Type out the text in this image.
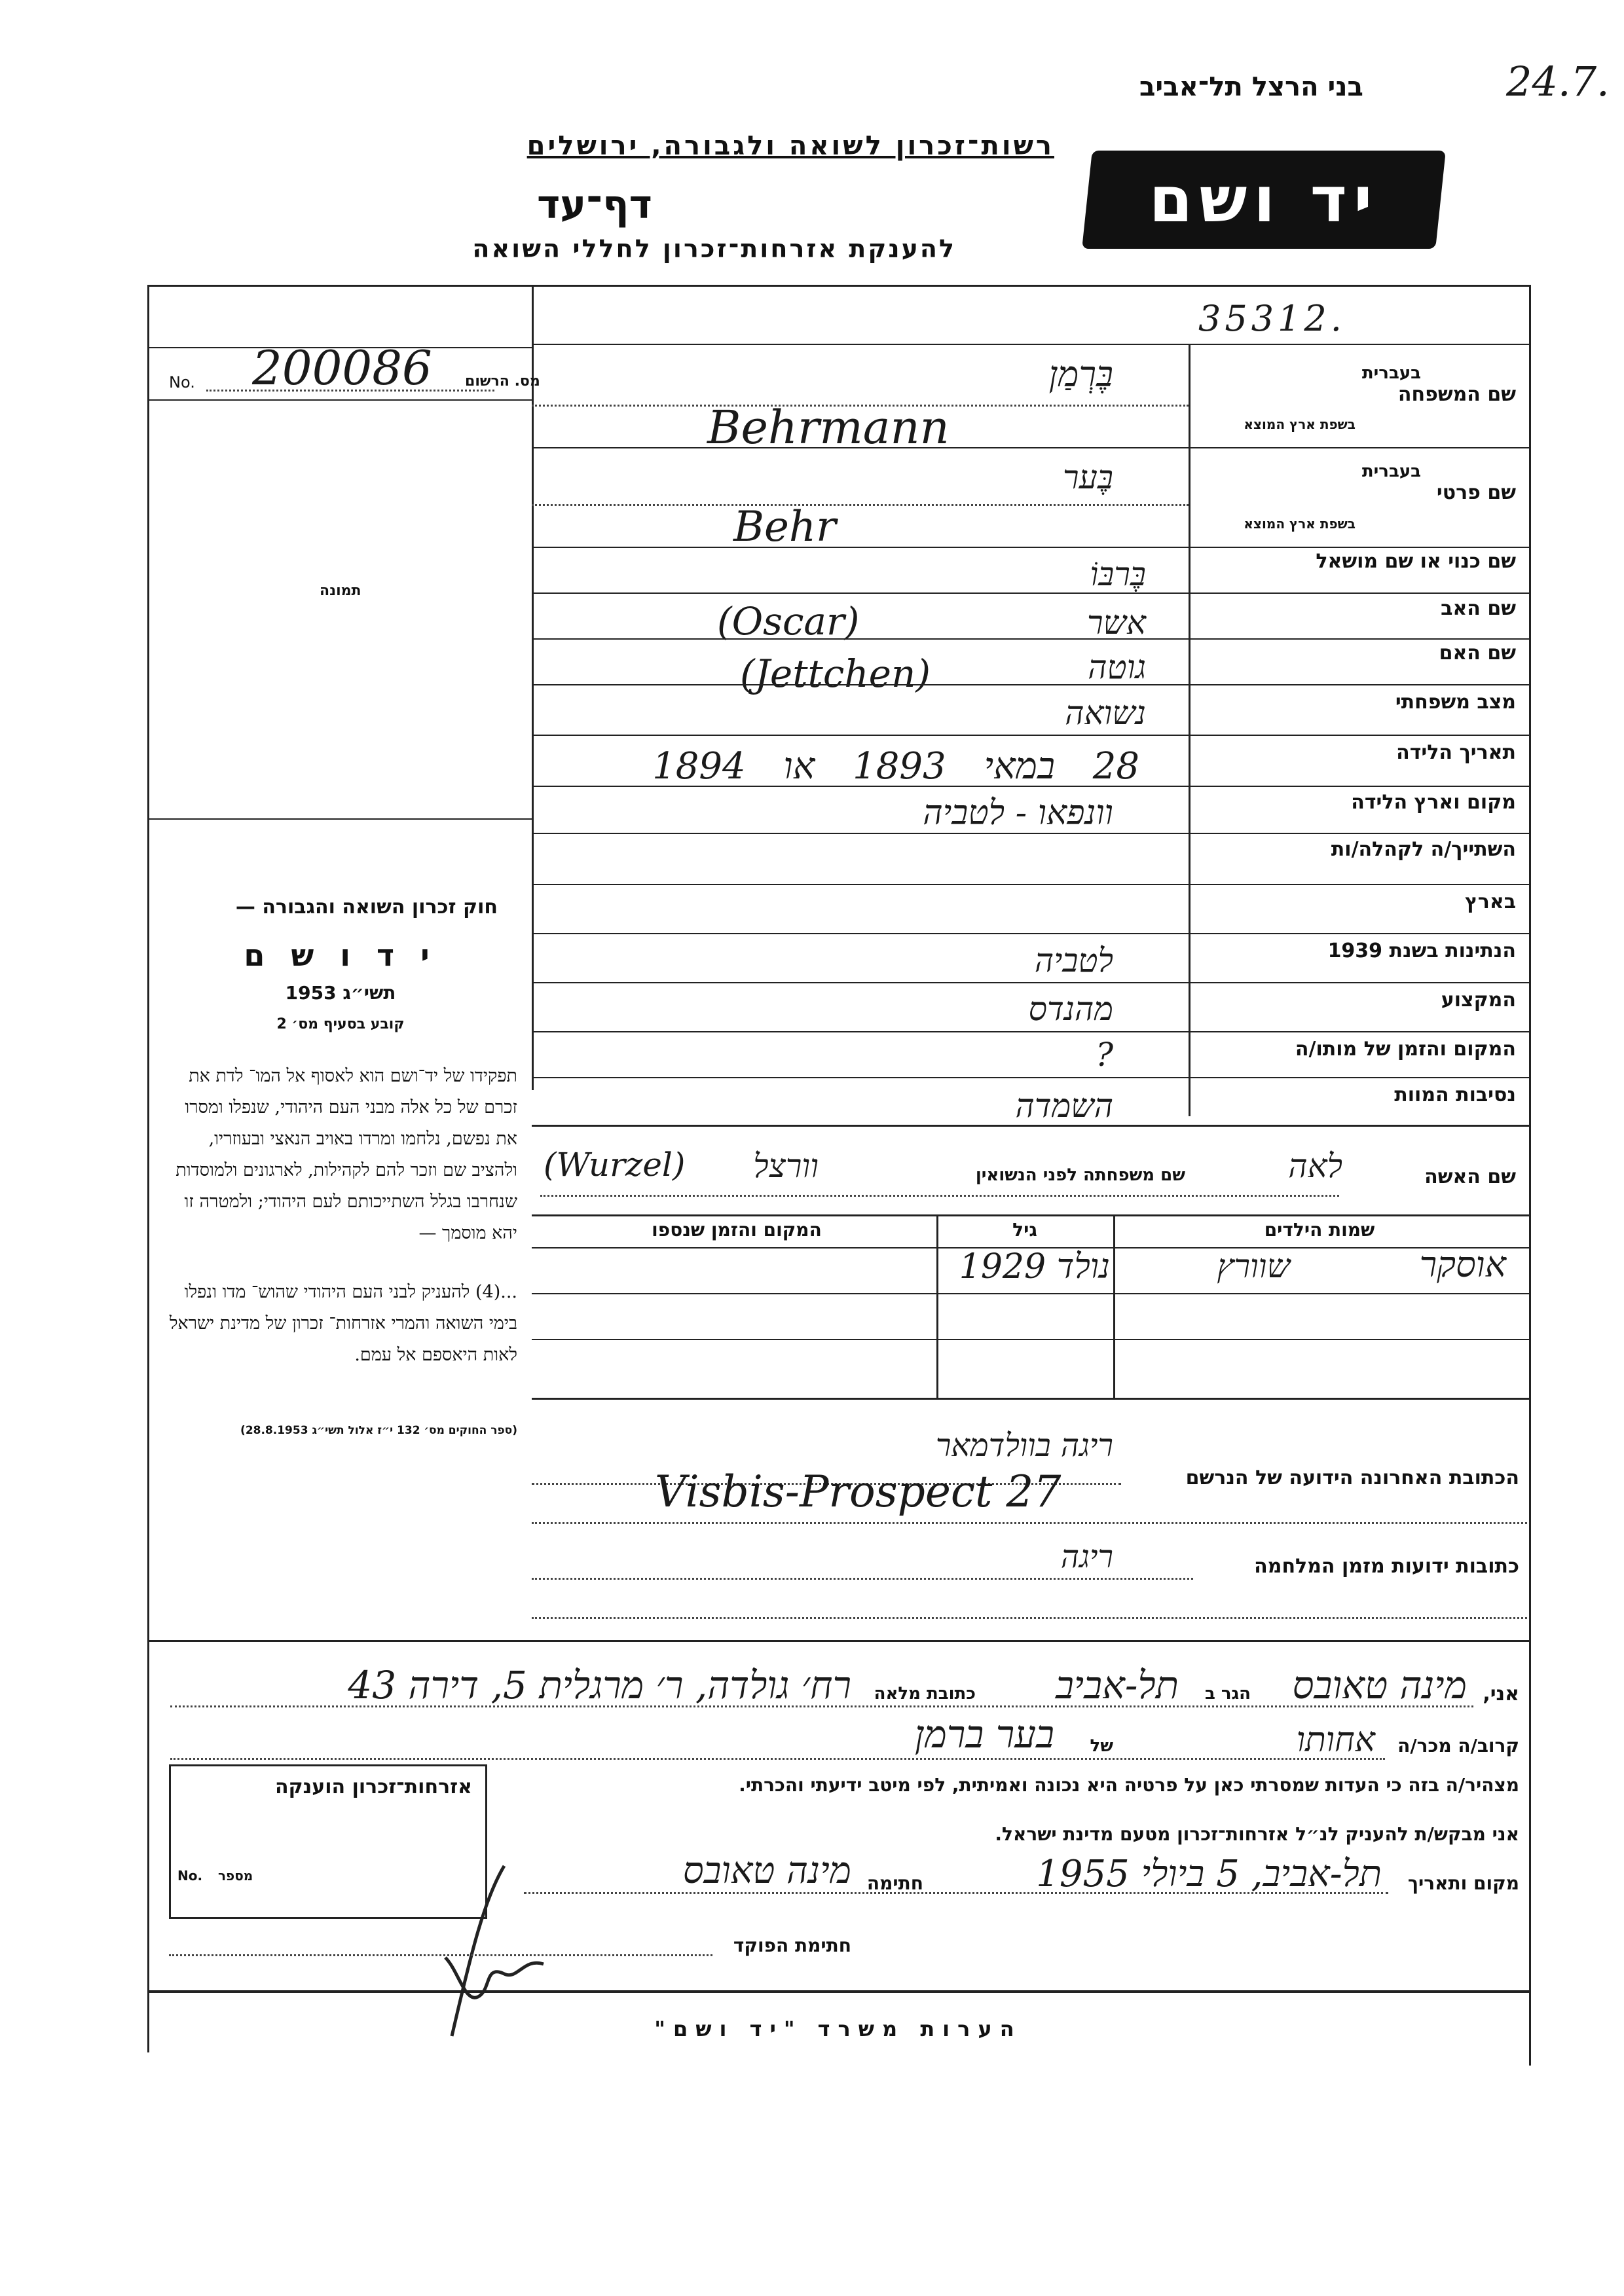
בני הרצל תל־אביב	24.7.
רשות־זכרון לשואה ולגבורה, ירושלים
דף־עד
להענקת אזרחות־זכרון לחללי השואה
יד ושם
35312.
No.	מס. הרשום
200086
תמונה
חוק זכרון השואה והגבורה —
י ד ו ש ם
תשי״ג 1953
קובע בסעיף מס׳ 2
תפקידו של יד־ושם הוא לאסוף אל המו־ לדת את זכרם של כל אלה מבני העם היהודי, שנפלו ומסרו את נפשם, נלחמו ומרדו באויב הנאצי ובעוזריו, ולהציב שם וזכר להם לקהילות, לארגונים ולמוסדות שנחרבו בגלל השתייכותם לעם היהודי; ולמטרה זו יהא מוסמך —
...(4) להעניק לבני העם היהודי שהוש־ מדו ונפלו בימי השואה והמרי אזרחות־ זכרון של מדינת ישראל לאות היאספם אל עמם.
(ספר החוקים מס׳ 132 י״ז אלול תשי״ג 28.8.1953)
שם המשפחה
בעברית
בשפת ארץ המוצא
בֶּרְמַן
Behrmann
שם פרטי
בעברית
בשפת ארץ המוצא
בֶּער
Behr
שם כנוי או שם מושאל
בֶּרבּוֹ
שם האב
אשר
(Oscar)
שם האם
גוטה
(Jettchen)
מצב משפחתי
נשואה
תאריך הלידה
28 במאי 1893 או 1894
מקום וארץ הלידה
וונפאו - לטביה
השתייך/ה לקהלה/ות
בארץ
הנתינות בשנת 1939
לטביה
המקצוע
מהנדס
המקום והזמן של מותו/ה
?
נסיבות המוות
השמדה
שם האשה
לאה
שם משפחתה לפני הנשואין
וורצל
(Wurzel)
שמות הילדים
גיל
המקום והזמן שנספו
אוסקר
שוורץ
נולד 1929
הכתובת האחרונה הידועה של הנרשם
ריגה בוולדמאר
Visbis-Prospect 27
כתובות ידועות מזמן המלחמה
ריגה
אני,
מינה טאובס
הגר ב
תל-אביב
כתובת מלאה
רח׳ גולדה, ר׳ מרגלית 5, דירה 43
קרוב/ה מכר/ה
אחותו
של
בער ברמן
מצהיר/ה בזה כי העדות שמסרתי כאן על פרטיה היא נכונה ואמיתית, לפי מיטב ידיעתי והכרתי.
אני מבקש/ת להעניק לנ״ל אזרחות־זכרון מטעם מדינת ישראל.
מקום ותאריך
תל-אביב, 5 ביולי 1955
חתימה
מינה טאובס
אזרחות־זכרון הוענקה
No. מספר
חתימת הפוקד
הערות משרד "יד ושם"
